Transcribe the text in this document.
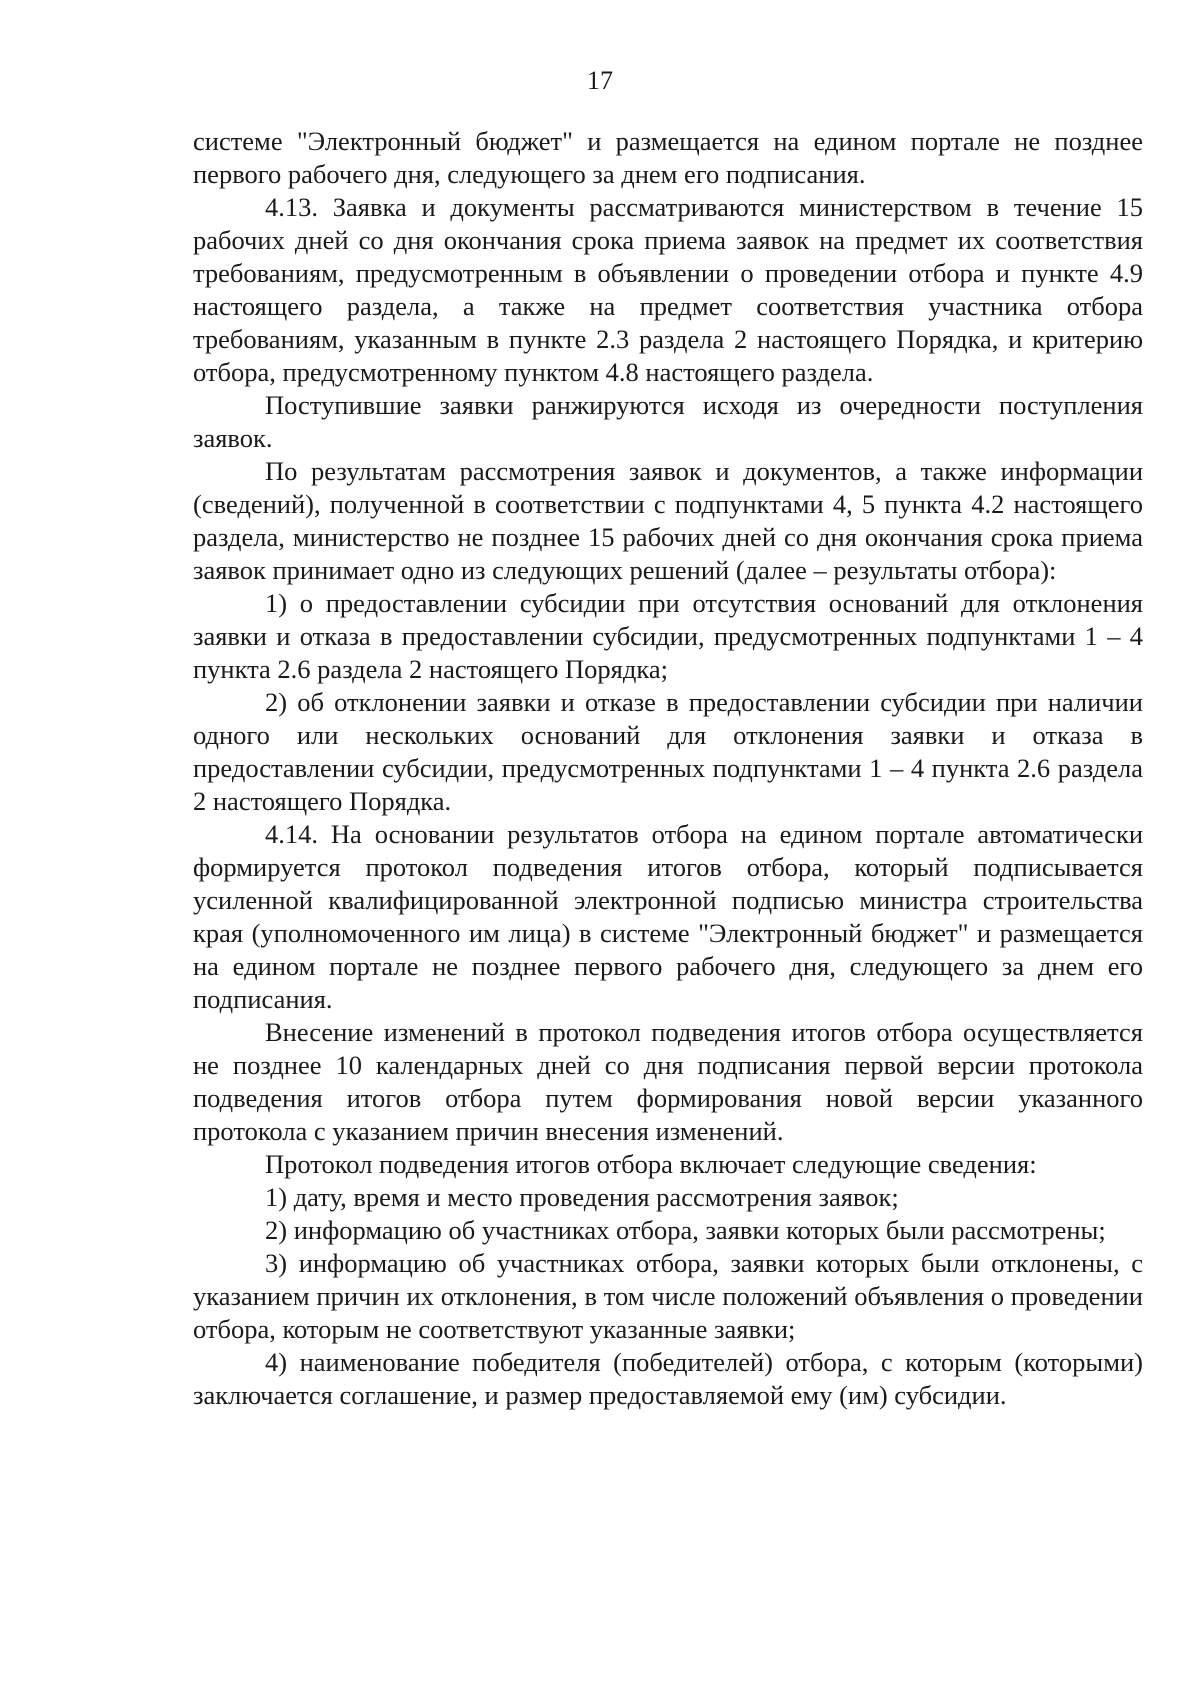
17

системе "Электронный бюджет" и размещается на едином портале не позднее первого рабочего дня, следующего за днем его подписания.

4.13. Заявка и документы рассматриваются министерством в течение 15 рабочих дней со дня окончания срока приема заявок на предмет их соответствия требованиям, предусмотренным в объявлении о проведении отбора и пункте 4.9 настоящего раздела, а также на предмет соответствия участника отбора требованиям, указанным в пункте 2.3 раздела 2 настоящего Порядка, и критерию отбора, предусмотренному пунктом 4.8 настоящего раздела.

Поступившие заявки ранжируются исходя из очередности поступления заявок.

По результатам рассмотрения заявок и документов, а также информации (сведений), полученной в соответствии с подпунктами 4, 5 пункта 4.2 настоящего раздела, министерство не позднее 15 рабочих дней со дня окончания срока приема заявок принимает одно из следующих решений (далее – результаты отбора):

1) о предоставлении субсидии при отсутствия оснований для отклонения заявки и отказа в предоставлении субсидии, предусмотренных подпунктами 1 – 4 пункта 2.6 раздела 2 настоящего Порядка;

2) об отклонении заявки и отказе в предоставлении субсидии при наличии одного или нескольких оснований для отклонения заявки и отказа в предоставлении субсидии, предусмотренных подпунктами 1 – 4 пункта 2.6 раздела 2 настоящего Порядка.

4.14. На основании результатов отбора на едином портале автоматически формируется протокол подведения итогов отбора, который подписывается усиленной квалифицированной электронной подписью министра строительства края (уполномоченного им лица) в системе "Электронный бюджет" и размещается на едином портале не позднее первого рабочего дня, следующего за днем его подписания.

Внесение изменений в протокол подведения итогов отбора осуществляется не позднее 10 календарных дней со дня подписания первой версии протокола подведения итогов отбора путем формирования новой версии указанного протокола с указанием причин внесения изменений.

Протокол подведения итогов отбора включает следующие сведения:

1) дату, время и место проведения рассмотрения заявок;

2) информацию об участниках отбора, заявки которых были рассмотрены;

3) информацию об участниках отбора, заявки которых были отклонены, с указанием причин их отклонения, в том числе положений объявления о проведении отбора, которым не соответствуют указанные заявки;

4) наименование победителя (победителей) отбора, с которым (которыми) заключается соглашение, и размер предоставляемой ему (им) субсидии.
